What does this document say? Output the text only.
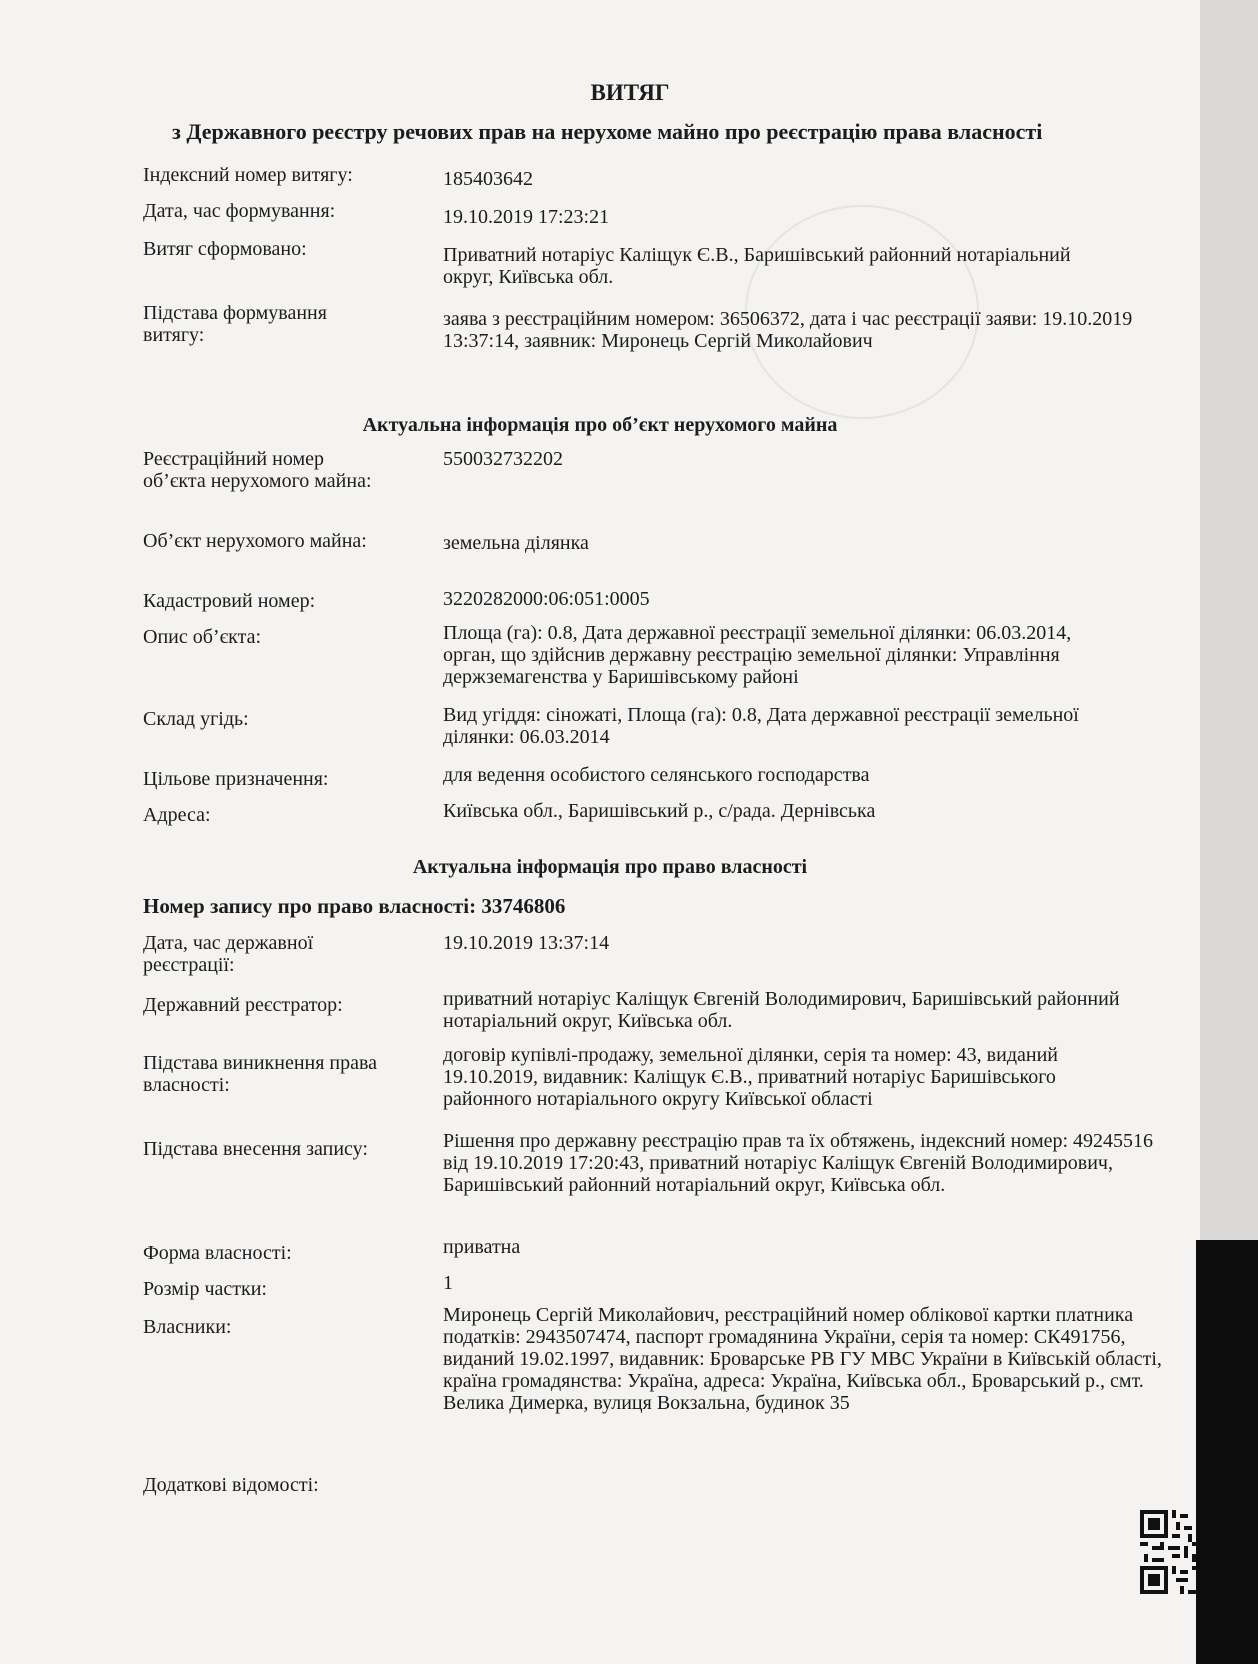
ВИТЯГ
з Державного реєстру речових прав на нерухоме майно про реєстрацію права власності
Індексний номер витягу:	185403642
Дата, час формування:	19.10.2019 17:23:21
Витяг сформовано:	Приватний нотаріус Каліщук Є.В., Баришівський районний нотаріальний округ, Київська обл.
Підстава формування витягу:
заява з реєстраційним номером: 36506372, дата і час реєстрації заяви: 19.10.2019 13:37:14, заявник: Миронець Сергій Миколайович
Актуальна інформація про об’єкт нерухомого майна
Реєстраційний номер об’єкта нерухомого майна:
550032732202
Об’єкт нерухомого майна:	земельна ділянка
Кадастровий номер:	3220282000:06:051:0005
Опис об’єкта:	Площа (га): 0.8, Дата державної реєстрації земельної ділянки: 06.03.2014, орган, що здійснив державну реєстрацію земельної ділянки: Управління держземагенства у Баришівському районі
Склад угідь:	Вид угіддя: сіножаті, Площа (га): 0.8, Дата державної реєстрації земельної ділянки: 06.03.2014
Цільове призначення:	для ведення особистого селянського господарства
Адреса:	Київська обл., Баришівський р., с/рада. Дернівська
Актуальна інформація про право власності
Номер запису про право власності: 33746806
Дата, час державної реєстрації:
19.10.2019 13:37:14
Державний реєстратор:	приватний нотаріус Каліщук Євгеній Володимирович, Баришівський районний нотаріальний округ, Київська обл.
Підстава виникнення права власності:
договір купівлі-продажу, земельної ділянки, серія та номер: 43, виданий 19.10.2019, видавник: Каліщук Є.В., приватний нотаріус Баришівського районного нотаріального округу Київської області
Підстава внесення запису:	Рішення про державну реєстрацію прав та їх обтяжень, індексний номер: 49245516 від 19.10.2019 17:20:43, приватний нотаріус Каліщук Євгеній Володимирович, Баришівський районний нотаріальний округ, Київська обл.
Форма власності:	приватна
Розмір частки:	1
Власники:
Миронець Сергій Миколайович, реєстраційний номер облікової картки платника податків: 2943507474, паспорт громадянина України, серія та номер: СК491756, виданий 19.02.1997, видавник: Броварське РВ ГУ МВС України в Київській області, країна громадянства: Україна, адреса: Україна, Київська обл., Броварський р., смт. Велика Димерка, вулиця Вокзальна, будинок 35
Додаткові відомості:
